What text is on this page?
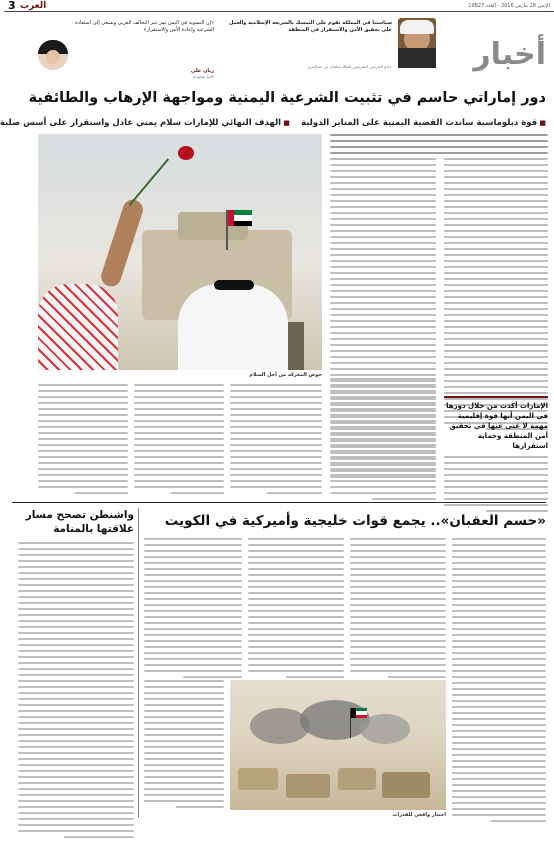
3 العرب	الإثنين 28 مارس 2016 - العدد 19827
أخبار
سياستنا في المملكة تقوم على التمسك بالشريعة الإسلامية والعمل على تحقيق الأمن والاستقرار في المنطقة
خادم الحرمين الشريفين الملك سلمان بن عبدالعزيز
«إن التسوية في اليمن تمر عبر التحالف العربي وتسعى إلى استعادة الشرعية وإعادة الأمن والاستقرار»
ريان علي
كاتبة سعودية
دور إماراتي حاسم في تثبيت الشرعية اليمنية ومواجهة الإرهاب والطائفية
■ قوة دبلوماسية ساندت القضية اليمنية على المنابر الدولية ■ الهدف النهائي للإمارات سلام يمني عادل واستقرار على أسس صلبة
خوض المعركة من أجل السلام
الإمارات أكدت من خلال دورها في اليمن أنها قوة إقليمية مهمة لا غنى عنها في تحقيق أمن المنطقة وحماية استقرارها
واشنطن تصحح مسار علاقتها بالمنامة	«حسم العقبان».. يجمع قوات خليجية وأميركية في الكويت
اختبار واقعي للقدرات
